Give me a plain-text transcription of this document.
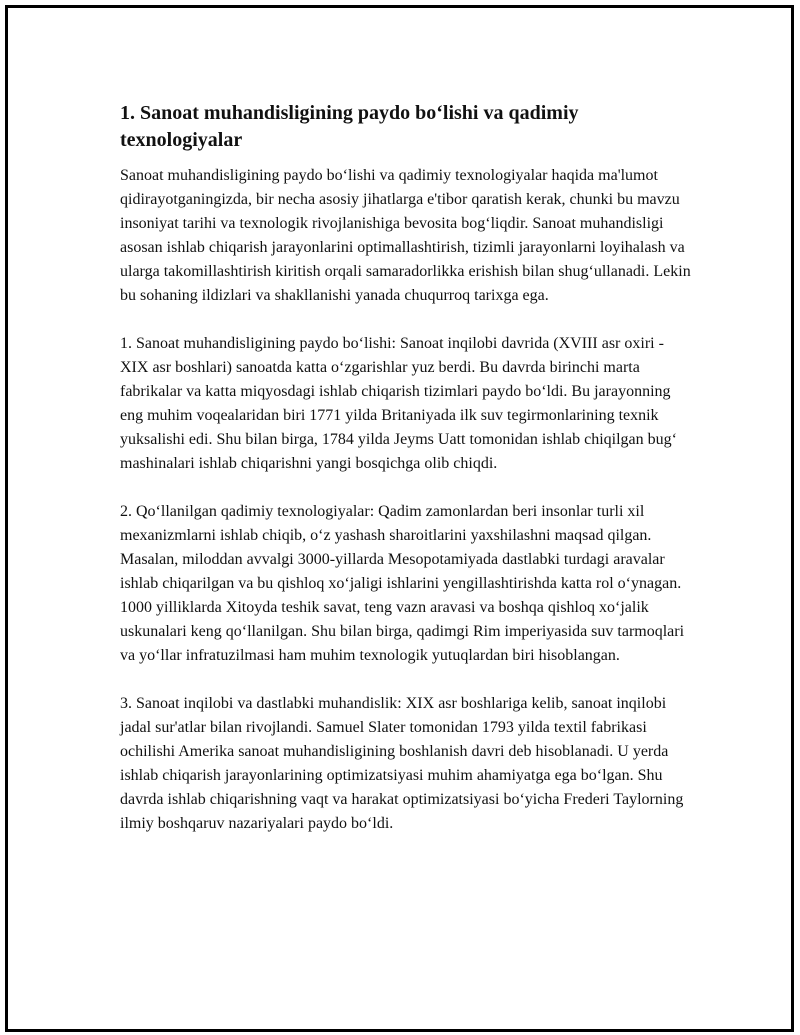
1. Sanoat muhandisligining paydo bo‘lishi va qadimiy texnologiyalar

Sanoat muhandisligining paydo bo‘lishi va qadimiy texnologiyalar haqida ma'lumot qidirayotganingizda, bir necha asosiy jihatlarga e'tibor qaratish kerak, chunki bu mavzu insoniyat tarihi va texnologik rivojlanishiga bevosita bog‘liqdir. Sanoat muhandisligi asosan ishlab chiqarish jarayonlarini optimallashtirish, tizimli jarayonlarni loyihalash va ularga takomillashtirish kiritish orqali samaradorlikka erishish bilan shug‘ullanadi. Lekin bu sohaning ildizlari va shakllanishi yanada chuqurroq tarixga ega.

1. Sanoat muhandisligining paydo bo‘lishi: Sanoat inqilobi davrida (XVIII asr oxiri - XIX asr boshlari) sanoatda katta o‘zgarishlar yuz berdi. Bu davrda birinchi marta fabrikalar va katta miqyosdagi ishlab chiqarish tizimlari paydo bo‘ldi. Bu jarayonning eng muhim voqealaridan biri 1771 yilda Britaniyada ilk suv tegirmonlarining texnik yuksalishi edi. Shu bilan birga, 1784 yilda Jeyms Uatt tomonidan ishlab chiqilgan bug‘ mashinalari ishlab chiqarishni yangi bosqichga olib chiqdi.

2. Qo‘llanilgan qadimiy texnologiyalar: Qadim zamonlardan beri insonlar turli xil mexanizmlarni ishlab chiqib, o‘z yashash sharoitlarini yaxshilashni maqsad qilgan. Masalan, miloddan avvalgi 3000-yillarda Mesopotamiyada dastlabki turdagi aravalar ishlab chiqarilgan va bu qishloq xo‘jaligi ishlarini yengillashtirishda katta rol o‘ynagan. 1000 yilliklarda Xitoyda teshik savat, teng vazn aravasi va boshqa qishloq xo‘jalik uskunalari keng qo‘llanilgan. Shu bilan birga, qadimgi Rim imperiyasida suv tarmoqlari va yo‘llar infratuzilmasi ham muhim texnologik yutuqlardan biri hisoblangan.

3. Sanoat inqilobi va dastlabki muhandislik: XIX asr boshlariga kelib, sanoat inqilobi jadal sur'atlar bilan rivojlandi. Samuel Slater tomonidan 1793 yilda textil fabrikasi ochilishi Amerika sanoat muhandisligining boshlanish davri deb hisoblanadi. U yerda ishlab chiqarish jarayonlarining optimizatsiyasi muhim ahamiyatga ega bo‘lgan. Shu davrda ishlab chiqarishning vaqt va harakat optimizatsiyasi bo‘yicha Frederi Taylorning ilmiy boshqaruv nazariyalari paydo bo‘ldi.
